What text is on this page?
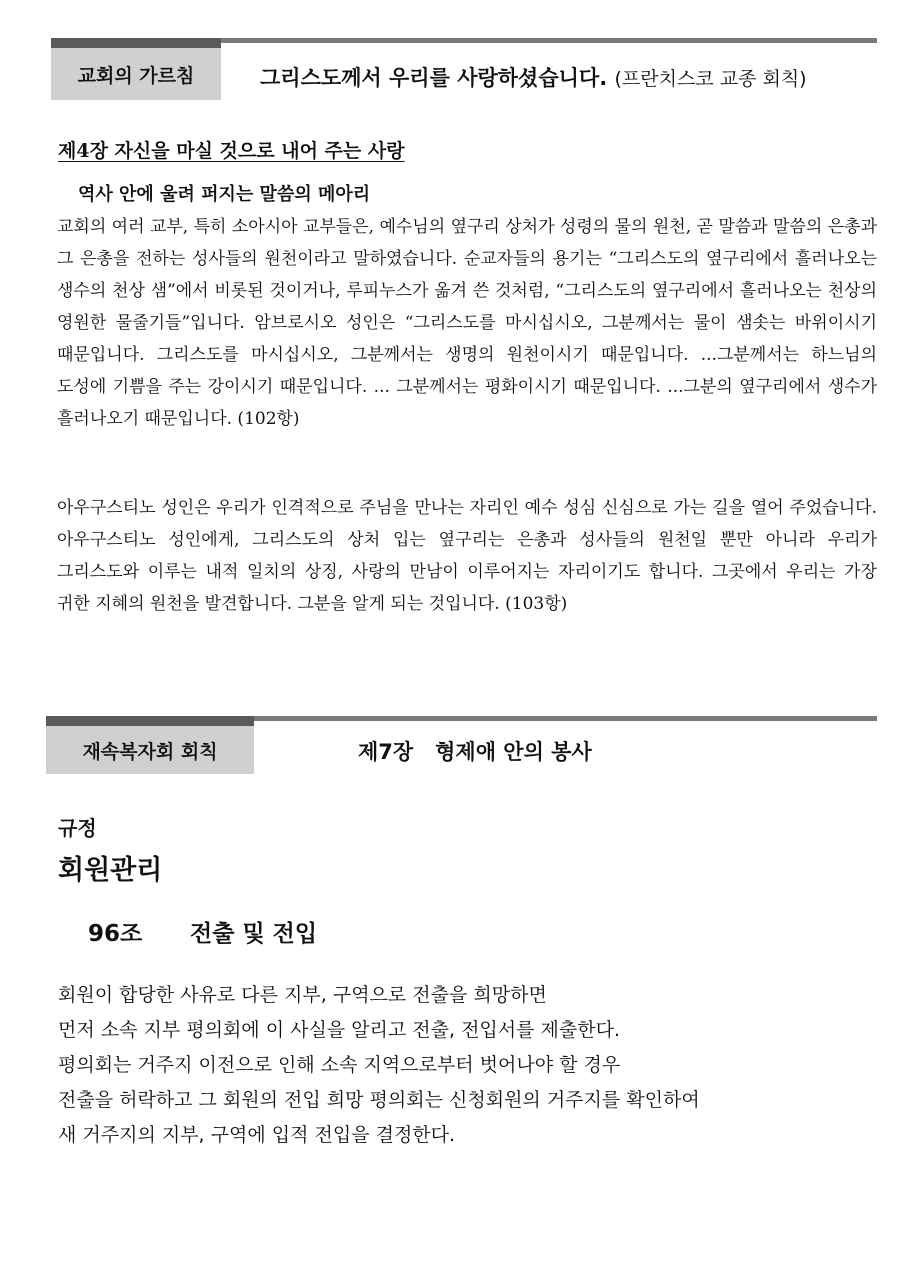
교회의 가르침	그리스도께서 우리를 사랑하셨습니다. (프란치스코 교종 회칙)
제4장 자신을 마실 것으로 내어 주는 사랑
역사 안에 울려 퍼지는 말씀의 메아리

교회의 여러 교부, 특히 소아시아 교부들은, 예수님의 옆구리 상처가 성령의 물의 원천, 곧 말씀과 말씀의 은총과 그 은총을 전하는 성사들의 원천이라고 말하였습니다. 순교자들의 용기는 “그리스도의 옆구리에서 흘러나오는 생수의 천상 샘”에서 비롯된 것이거나, 루피누스가 옮겨 쓴 것처럼, “그리스도의 옆구리에서 흘러나오는 천상의 영원한 물줄기들”입니다. 암브로시오 성인은 “그리스도를 마시십시오, 그분께서는 물이 샘솟는 바위이시기 때문입니다. 그리스도를 마시십시오, 그분께서는 생명의 원천이시기 때문입니다. ...그분께서는 하느님의 도성에 기쁨을 주는 강이시기 때문입니다. ... 그분께서는 평화이시기 때문입니다. ...그분의 옆구리에서 생수가 흘러나오기 때문입니다. (102항)

아우구스티노 성인은 우리가 인격적으로 주님을 만나는 자리인 예수 성심 신심으로 가는 길을 열어 주었습니다. 아우구스티노 성인에게, 그리스도의 상처 입는 옆구리는 은총과 성사들의 원천일 뿐만 아니라 우리가 그리스도와 이루는 내적 일치의 상징, 사랑의 만남이 이루어지는 자리이기도 합니다. 그곳에서 우리는 가장 귀한 지혜의 원천을 발견합니다. 그분을 알게 되는 것입니다. (103항)

재속복자회 회칙	제7장   형제애 안의 봉사
규정
회원관리
96조 전출 및 전입
회원이 합당한 사유로 다른 지부, 구역으로 전출을 희망하면
먼저 소속 지부 평의회에 이 사실을 알리고 전출, 전입서를 제출한다.
평의회는 거주지 이전으로 인해 소속 지역으로부터 벗어나야 할 경우
전출을 허락하고 그 회원의 전입 희망 평의회는 신청회원의 거주지를 확인하여
새 거주지의 지부, 구역에 입적 전입을 결정한다.
